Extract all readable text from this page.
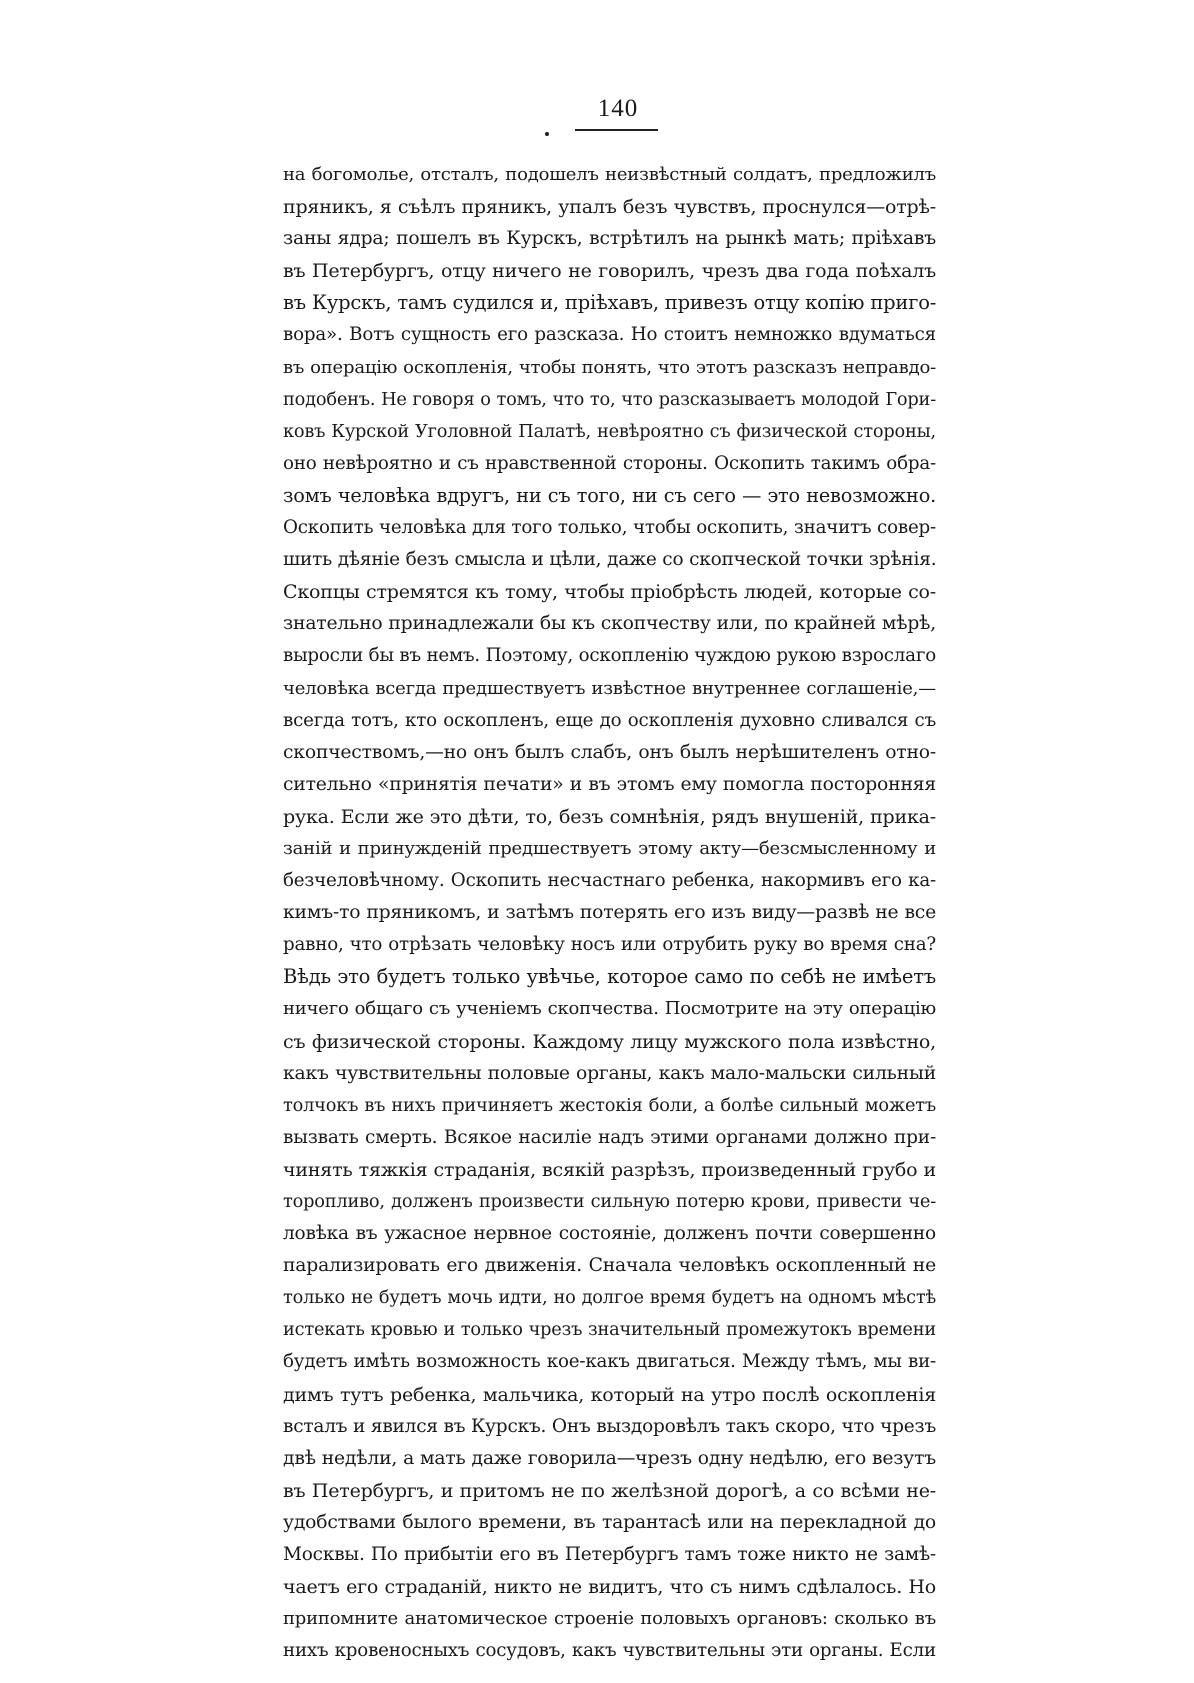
140
на богомолье, отсталъ, подошелъ неизвѣстный солдатъ, предложилъ
пряникъ, я съѣлъ пряникъ, упалъ безъ чувствъ, проснулся—отрѣ-
заны ядра; пошелъ въ Курскъ, встрѣтилъ на рынкѣ мать; пріѣхавъ
въ Петербургъ, отцу ничего не говорилъ, чрезъ два года поѣхалъ
въ Курскъ, тамъ судился и, пріѣхавъ, привезъ отцу копію приго-
вора». Вотъ сущность его разсказа. Но стоитъ немножко вдуматься
въ операцію оскопленія, чтобы понять, что этотъ разсказъ неправдо-
подобенъ. Не говоря о томъ, что то, что разсказываетъ молодой Гори-
ковъ Курской Уголовной Палатѣ, невѣроятно съ физической стороны,
оно невѣроятно и съ нравственной стороны. Оскопить такимъ обра-
зомъ человѣка вдругъ, ни съ того, ни съ сего — это невозможно.
Оскопить человѣка для того только, чтобы оскопить, значитъ совер-
шить дѣяніе безъ смысла и цѣли, даже со скопческой точки зрѣнія.
Скопцы стремятся къ тому, чтобы пріобрѣсть людей, которые со-
знательно принадлежали бы къ скопчеству или, по крайней мѣрѣ,
выросли бы въ немъ. Поэтому, оскопленію чуждою рукою взрослаго
человѣка всегда предшествуетъ извѣстное внутреннее соглашеніе,—
всегда тотъ, кто оскопленъ, еще до оскопленія духовно сливался съ
скопчествомъ,—но онъ былъ слабъ, онъ былъ нерѣшителенъ отно-
сительно «принятія печати» и въ этомъ ему помогла посторонняя
рука. Если же это дѣти, то, безъ сомнѣнія, рядъ внушеній, прика-
заній и принужденій предшествуетъ этому акту—безсмысленному и
безчеловѣчному. Оскопить несчастнаго ребенка, накормивъ его ка-
кимъ-то пряникомъ, и затѣмъ потерять его изъ виду—развѣ не все
равно, что отрѣзать человѣку носъ или отрубить руку во время сна?
Вѣдь это будетъ только увѣчье, которое само по себѣ не имѣетъ
ничего общаго съ ученіемъ скопчества. Посмотрите на эту операцію
съ физической стороны. Каждому лицу мужского пола извѣстно,
какъ чувствительны половые органы, какъ мало-мальски сильный
толчокъ въ нихъ причиняетъ жестокія боли, а болѣе сильный можетъ
вызвать смерть. Всякое насиліе надъ этими органами должно при-
чинять тяжкія страданія, всякій разрѣзъ, произведенный грубо и
торопливо, долженъ произвести сильную потерю крови, привести че-
ловѣка въ ужасное нервное состояніе, долженъ почти совершенно
парализировать его движенія. Сначала человѣкъ оскопленный не
только не будетъ мочь идти, но долгое время будетъ на одномъ мѣстѣ
истекать кровью и только чрезъ значительный промежутокъ времени
будетъ имѣть возможность кое-какъ двигаться. Между тѣмъ, мы ви-
димъ тутъ ребенка, мальчика, который на утро послѣ оскопленія
всталъ и явился въ Курскъ. Онъ выздоровѣлъ такъ скоро, что чрезъ
двѣ недѣли, а мать даже говорила—чрезъ одну недѣлю, его везутъ
въ Петербургъ, и притомъ не по желѣзной дорогѣ, а со всѣми не-
удобствами былого времени, въ тарантасѣ или на перекладной до
Москвы. По прибытіи его въ Петербургъ тамъ тоже никто не замѣ-
чаетъ его страданій, никто не видитъ, что съ нимъ сдѣлалось. Но
припомните анатомическое строеніе половыхъ органовъ: сколько въ
нихъ кровеносныхъ сосудовъ, какъ чувствительны эти органы. Если
